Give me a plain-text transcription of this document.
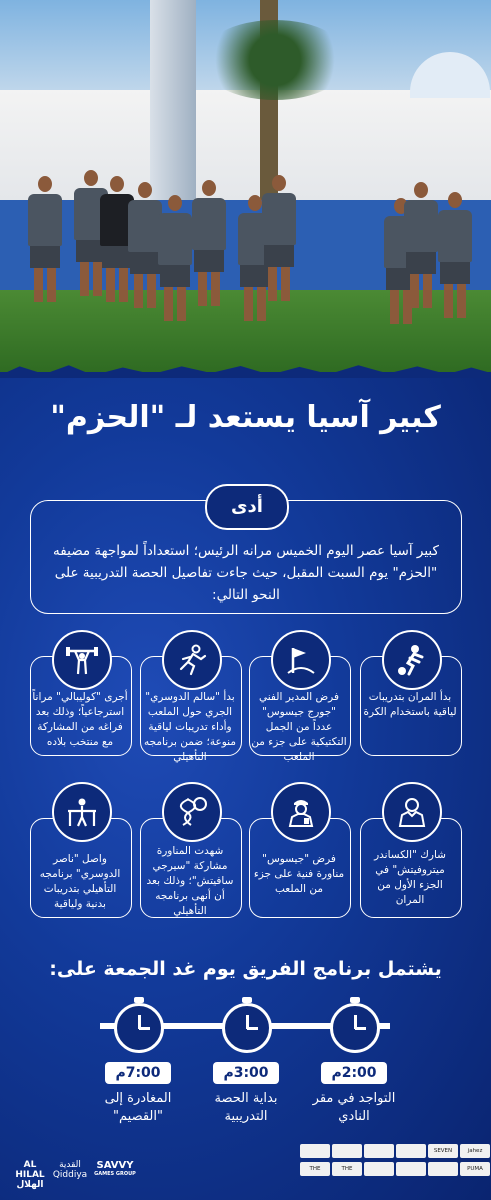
كبير آسيا يستعد لـ "الحزم"
أدى
كبير آسيا عصر اليوم الخميس مرانه الرئيس؛ استعداداً لمواجهة مضيفه "الحزم" يوم السبت المقبل، حيث جاءت تفاصيل الحصة التدريبية على النحو التالي:
بدأ المران بتدريبات لياقية باستخدام الكرة
فرض المدير الفني "جورج جيسوس" عدداً من الجمل التكتيكية على جزء من الملعب
بدأ "سالم الدوسري" الجري حول الملعب وأداء تدريبات لياقية منوعة؛ ضمن برنامجه التأهيلي
أجرى "كوليبالي" مراناً استرجاعياً؛ وذلك بعد فراغه من المشاركة مع منتخب بلاده
شارك "الكساندر ميتروفيتش" في الجزء الأول من المران
فرض "جيسوس" مناورة فنية على جزء من الملعب
شهدت المناورة مشاركة "سيرجي سافيتش"؛ وذلك بعد أن أنهى برنامجه التأهيلي
واصل "ناصر الدوسري" برنامجه التأهيلي بتدريبات بدنية ولياقية
يشتمل برنامج الفريق يوم غد الجمعة على:
2:00م
التواجد في مقر النادي
3:00م
بداية الحصة التدريبية
7:00م
المغادرة إلى "القصيم"
AL HILAL
الهلال
القدية
Qiddiya
SAVVY
GAMES GROUP
jahez
SEVEN
PUMA
THE
THE
